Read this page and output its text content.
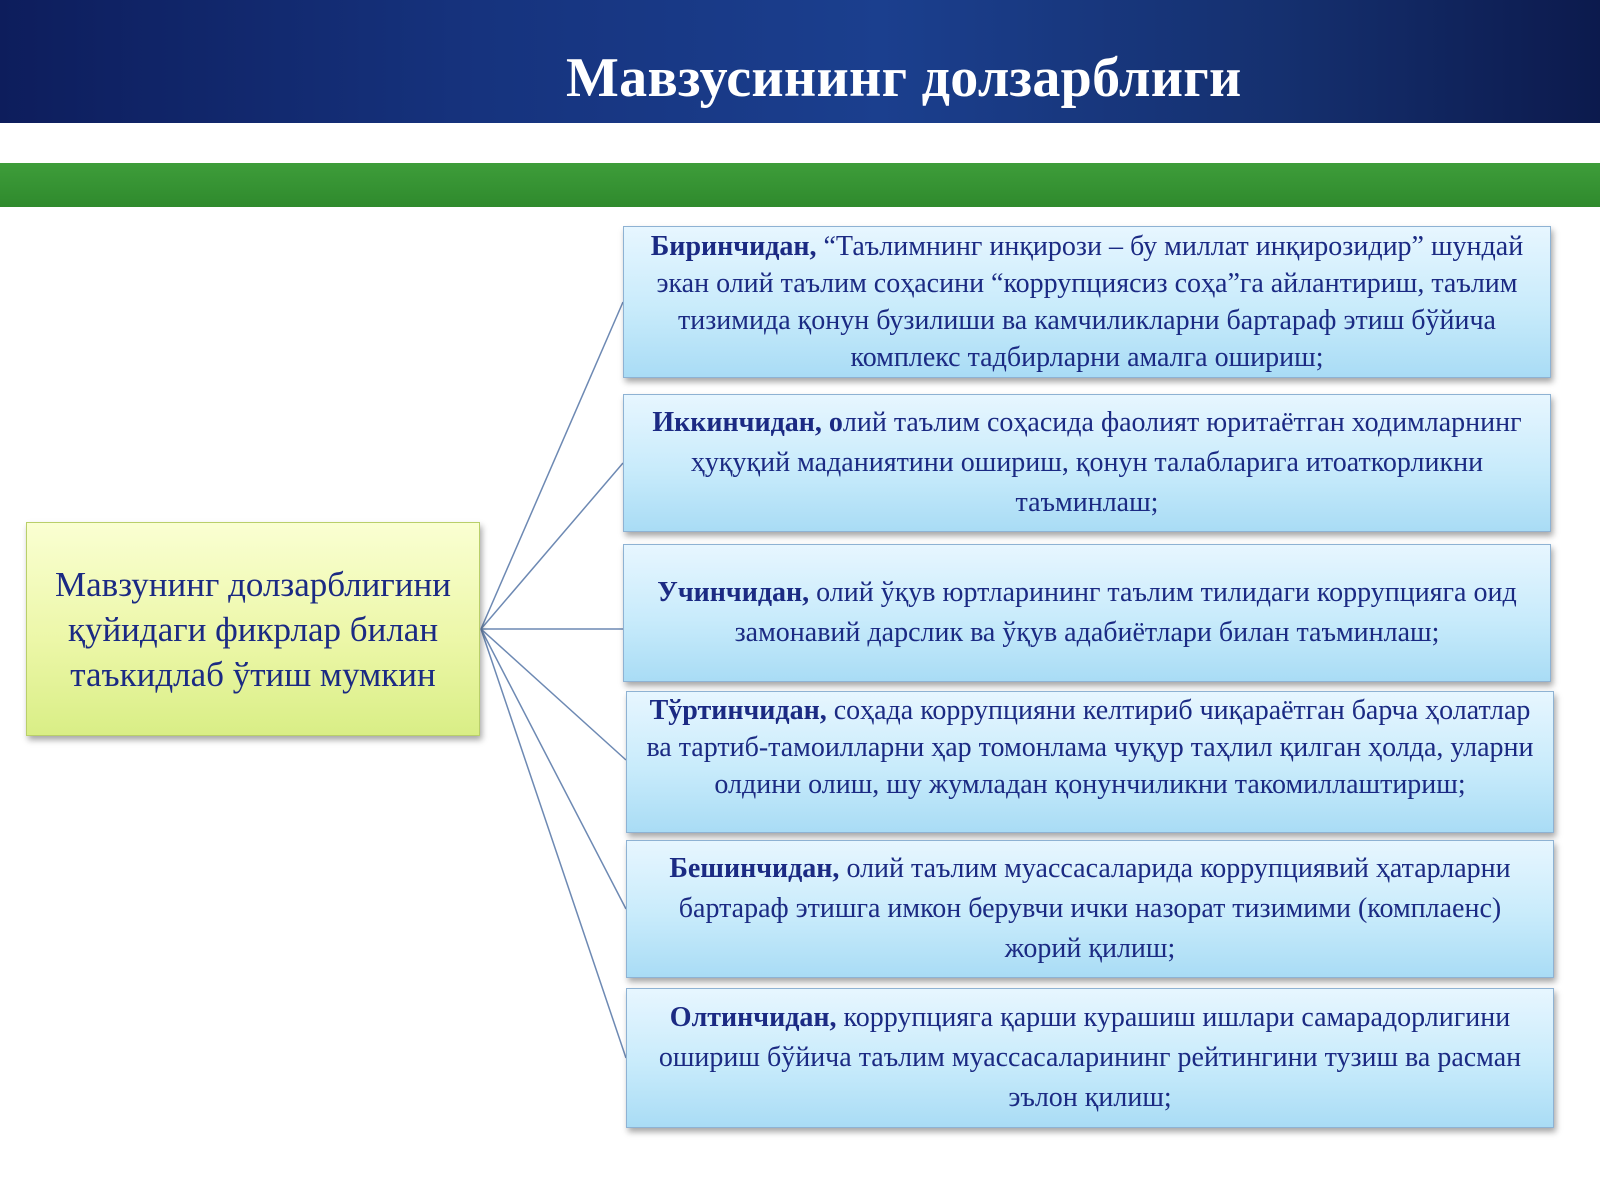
Мавзусининг долзарблиги
Мавзунинг долзарблигини қуйидаги фикрлар билан таъкидлаб ўтиш мумкин

Биринчидан, “Таълимнинг инқирози – бу миллат инқирозидир” шундай экан олий таълим соҳасини “коррупциясиз соҳа”га айлантириш, таълим тизимида қонун бузилиши ва камчиликларни бартараф этиш бўйича комплекс тадбирларни амалга ошириш;

Иккинчидан, олий таълим соҳасида фаолият юритаётган ходимларнинг ҳуқуқий маданиятини ошириш, қонун талабларига итоаткорликни таъминлаш;

Учинчидан, олий ўқув юртларининг таълим тилидаги коррупцияга оид замонавий дарслик ва ўқув адабиётлари билан таъминлаш;

Тўртинчидан, соҳада коррупцияни келтириб чиқараётган барча ҳолатлар ва тартиб-тамоилларни ҳар томонлама чуқур таҳлил қилган ҳолда, уларни олдини олиш, шу жумладан қонунчиликни такомиллаштириш;

Бешинчидан, олий таълим муассасаларида коррупциявий ҳатарларни бартараф этишга имкон берувчи ички назорат тизимими (комплаенс) жорий қилиш;

Олтинчидан, коррупцияга қарши курашиш ишлари самарадорлигини ошириш бўйича таълим муассасаларининг рейтингини тузиш ва расман эълон қилиш;
